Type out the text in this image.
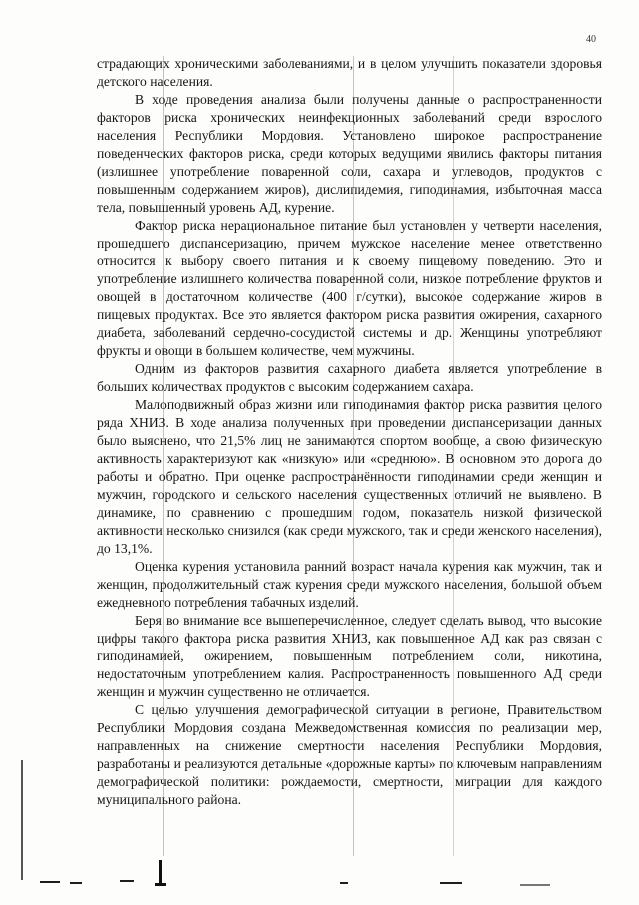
40

страдающих хроническими заболеваниями, и в целом улучшить показатели здоровья детского населения.

В ходе проведения анализа были получены данные о распространенности факторов риска хронических неинфекционных заболеваний среди взрослого населения Республики Мордовия. Установлено широкое распространение поведенческих факторов риска, среди которых ведущими явились факторы питания (излишнее употребление поваренной соли, сахара и углеводов, продуктов с повышенным содержанием жиров), дислипидемия, гиподинамия, избыточная масса тела, повышенный уровень АД, курение.

Фактор риска нерациональное питание был установлен у четверти населения, прошедшего диспансеризацию, причем мужское население менее ответственно относится к выбору своего питания и к своему пищевому поведению. Это и употребление излишнего количества поваренной соли, низкое потребление фруктов и овощей в достаточном количестве (400 г/сутки), высокое содержание жиров в пищевых продуктах. Все это является фактором риска развития ожирения, сахарного диабета, заболеваний сердечно-сосудистой системы и др. Женщины употребляют фрукты и овощи в большем количестве, чем мужчины.

Одним из факторов развития сахарного диабета является употребление в больших количествах продуктов с высоким содержанием сахара.

Малоподвижный образ жизни или гиподинамия фактор риска развития целого ряда ХНИЗ. В ходе анализа полученных при проведении диспансеризации данных было выяснено, что 21,5% лиц не занимаются спортом вообще, а свою физическую активность характеризуют как «низкую» или «среднюю». В основном это дорога до работы и обратно. При оценке распространённости гиподинамии среди женщин и мужчин, городского и сельского населения существенных отличий не выявлено. В динамике, по сравнению с прошедшим годом, показатель низкой физической активности несколько снизился (как среди мужского, так и среди женского населения), до 13,1%.

Оценка курения установила ранний возраст начала курения как мужчин, так и женщин, продолжительный стаж курения среди мужского населения, большой объем ежедневного потребления табачных изделий.

Беря во внимание все вышеперечисленное, следует сделать вывод, что высокие цифры такого фактора риска развития ХНИЗ, как повышенное АД как раз связан с гиподинамией, ожирением, повышенным потреблением соли, никотина, недостаточным употреблением калия. Распространенность повышенного АД среди женщин и мужчин существенно не отличается.

С целью улучшения демографической ситуации в регионе, Правительством Республики Мордовия создана Межведомственная комиссия по реализации мер, направленных на снижение смертности населения Республики Мордовия, разработаны и реализуются детальные «дорожные карты» по ключевым направлениям демографической политики: рождаемости, смертности, миграции для каждого муниципального района.
